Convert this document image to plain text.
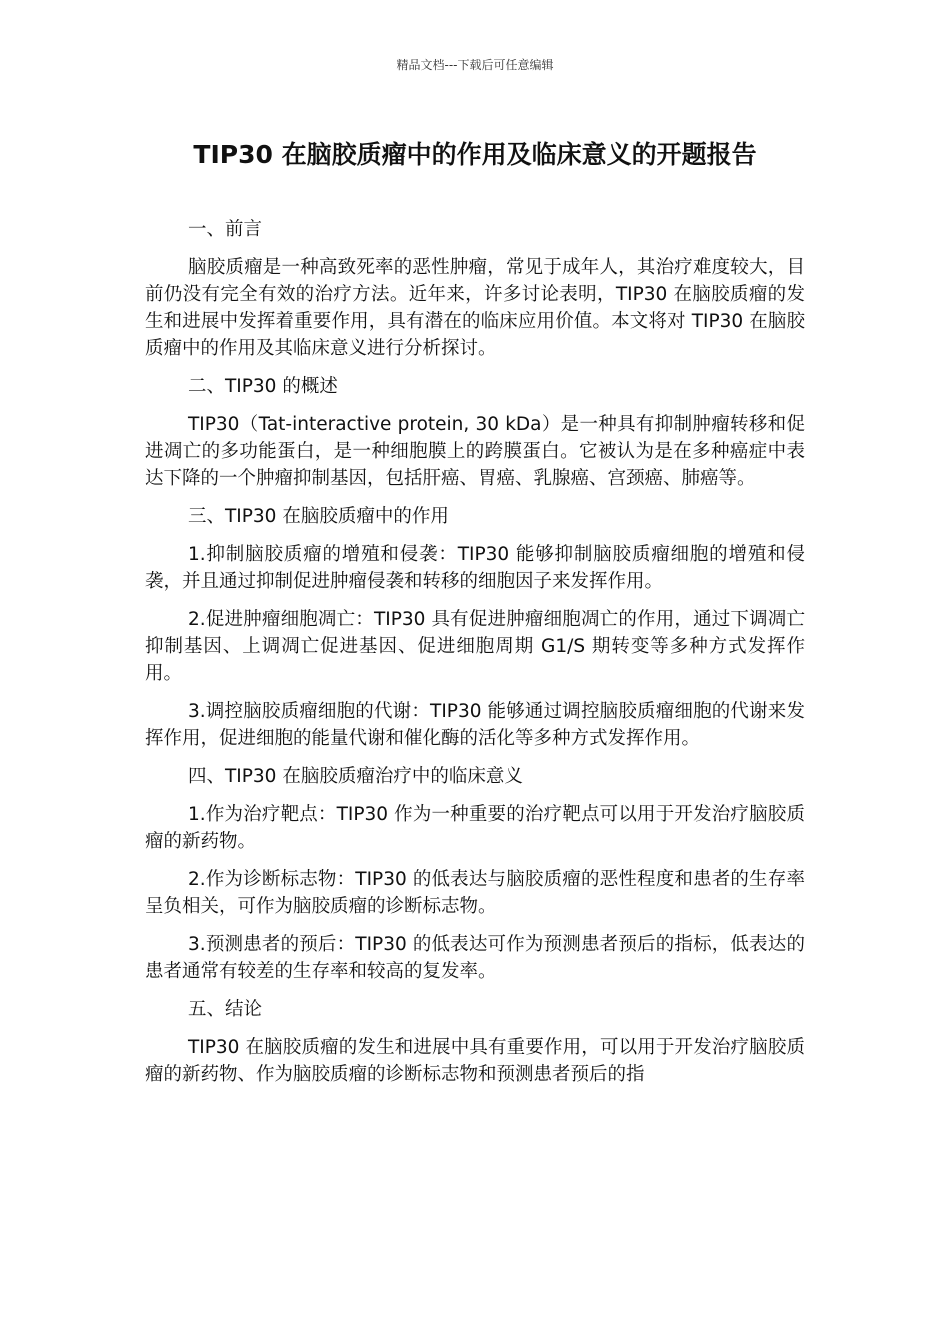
精品文档---下载后可任意编辑
TIP30 在脑胶质瘤中的作用及临床意义的开题报告

一、前言

脑胶质瘤是一种高致死率的恶性肿瘤，常见于成年人，其治疗难度较大，目前仍没有完全有效的治疗方法。近年来，许多讨论表明，TIP30 在脑胶质瘤的发生和进展中发挥着重要作用，具有潜在的临床应用价值。本文将对 TIP30 在脑胶质瘤中的作用及其临床意义进行分析探讨。

二、TIP30 的概述

TIP30（Tat-interactive protein, 30 kDa）是一种具有抑制肿瘤转移和促进凋亡的多功能蛋白，是一种细胞膜上的跨膜蛋白。它被认为是在多种癌症中表达下降的一个肿瘤抑制基因，包括肝癌、胃癌、乳腺癌、宫颈癌、肺癌等。

三、TIP30 在脑胶质瘤中的作用

1.抑制脑胶质瘤的增殖和侵袭：TIP30 能够抑制脑胶质瘤细胞的增殖和侵袭，并且通过抑制促进肿瘤侵袭和转移的细胞因子来发挥作用。

2.促进肿瘤细胞凋亡：TIP30 具有促进肿瘤细胞凋亡的作用，通过下调凋亡抑制基因、上调凋亡促进基因、促进细胞周期 G1/S 期转变等多种方式发挥作用。

3.调控脑胶质瘤细胞的代谢：TIP30 能够通过调控脑胶质瘤细胞的代谢来发挥作用，促进细胞的能量代谢和催化酶的活化等多种方式发挥作用。

四、TIP30 在脑胶质瘤治疗中的临床意义

1.作为治疗靶点：TIP30 作为一种重要的治疗靶点可以用于开发治疗脑胶质瘤的新药物。

2.作为诊断标志物：TIP30 的低表达与脑胶质瘤的恶性程度和患者的生存率呈负相关，可作为脑胶质瘤的诊断标志物。

3.预测患者的预后：TIP30 的低表达可作为预测患者预后的指标，低表达的患者通常有较差的生存率和较高的复发率。

五、结论

TIP30 在脑胶质瘤的发生和进展中具有重要作用，可以用于开发治疗脑胶质瘤的新药物、作为脑胶质瘤的诊断标志物和预测患者预后的指
